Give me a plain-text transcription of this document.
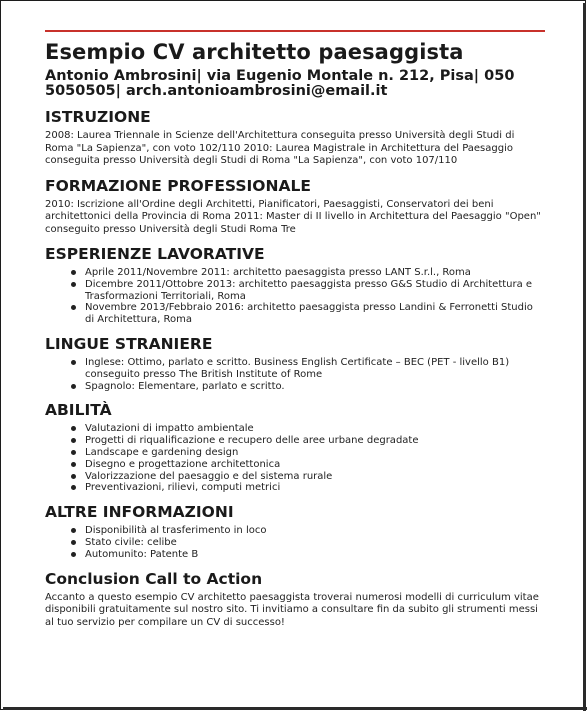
Esempio CV architetto paesaggista
Antonio Ambrosini| via Eugenio Montale n. 212, Pisa| 050 5050505| arch.antonioambrosini@email.it
ISTRUZIONE

2008: Laurea Triennale in Scienze dell'Architettura conseguita presso Università degli Studi di Roma "La Sapienza", con voto 102/110 2010: Laurea Magistrale in Architettura del Paesaggio conseguita presso Università degli Studi di Roma "La Sapienza", con voto 107/110

FORMAZIONE PROFESSIONALE

2010: Iscrizione all'Ordine degli Architetti, Pianificatori, Paesaggisti, Conservatori dei beni architettonici della Provincia di Roma 2011: Master di II livello in Architettura del Paesaggio "Open" conseguito presso Università degli Studi Roma Tre

ESPERIENZE LAVORATIVE
Aprile 2011/Novembre 2011: architetto paesaggista presso LANT S.r.l., Roma
Dicembre 2011/Ottobre 2013: architetto paesaggista presso G&S Studio di Architettura e Trasformazioni Territoriali, Roma
Novembre 2013/Febbraio 2016: architetto paesaggista presso Landini & Ferronetti Studio di Architettura, Roma
LINGUE STRANIERE
Inglese: Ottimo, parlato e scritto. Business English Certificate – BEC (PET - livello B1) conseguito presso The British Institute of Rome
Spagnolo: Elementare, parlato e scritto.
ABILITÀ
Valutazioni di impatto ambientale
Progetti di riqualificazione e recupero delle aree urbane degradate
Landscape e gardening design
Disegno e progettazione architettonica
Valorizzazione del paesaggio e del sistema rurale
Preventivazioni, rilievi, computi metrici
ALTRE INFORMAZIONI
Disponibilità al trasferimento in loco
Stato civile: celibe
Automunito: Patente B
Conclusion Call to Action

Accanto a questo esempio CV architetto paesaggista troverai numerosi modelli di curriculum vitae disponibili gratuitamente sul nostro sito. Ti invitiamo a consultare fin da subito gli strumenti messi al tuo servizio per compilare un CV di successo!
